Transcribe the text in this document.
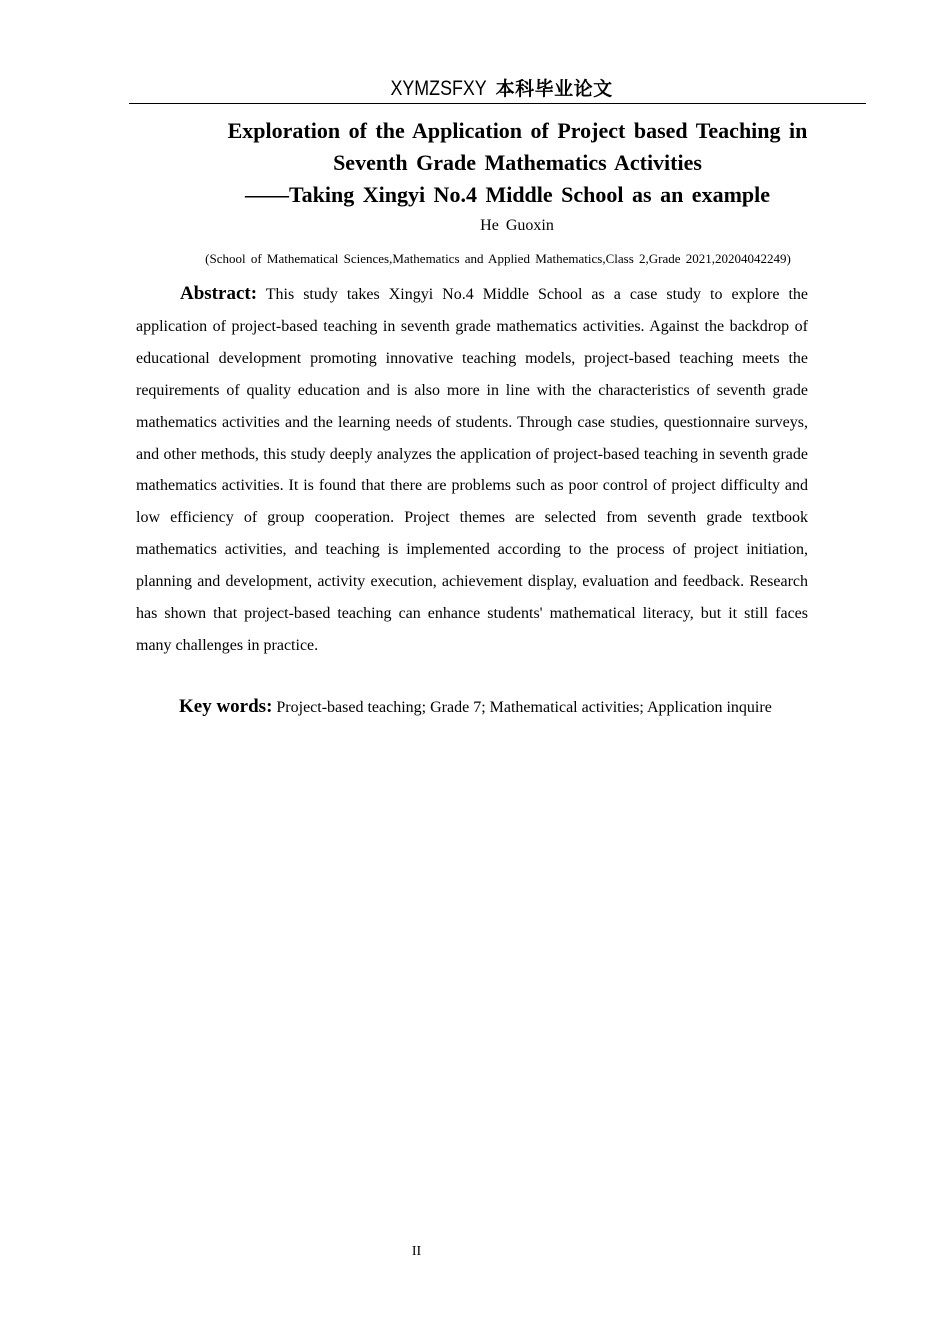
XYMZSFXY 本科毕业论文
Exploration of the Application of Project based Teaching in
Seventh Grade Mathematics Activities
——Taking Xingyi No.4 Middle School as an example
He Guoxin
(School of Mathematical Sciences,Mathematics and Applied Mathematics,Class 2,Grade 2021,20204042249)
Abstract: This study takes Xingyi No.4 Middle School as a case study to explore the application of project-based teaching in seventh grade mathematics activities. Against the backdrop of educational development promoting innovative teaching models, project-based teaching meets the requirements of quality education and is also more in line with the characteristics of seventh grade mathematics activities and the learning needs of students. Through case studies, questionnaire surveys, and other methods, this study deeply analyzes the application of project-based teaching in seventh grade mathematics activities. It is found that there are problems such as poor control of project difficulty and low efficiency of group cooperation. Project themes are selected from seventh grade textbook mathematics activities, and teaching is implemented according to the process of project initiation, planning and development, activity execution, achievement display, evaluation and feedback. Research has shown that project-based teaching can enhance students' mathematical literacy, but it still faces many challenges in practice.
Key words: Project-based teaching; Grade 7; Mathematical activities; Application inquire
II
